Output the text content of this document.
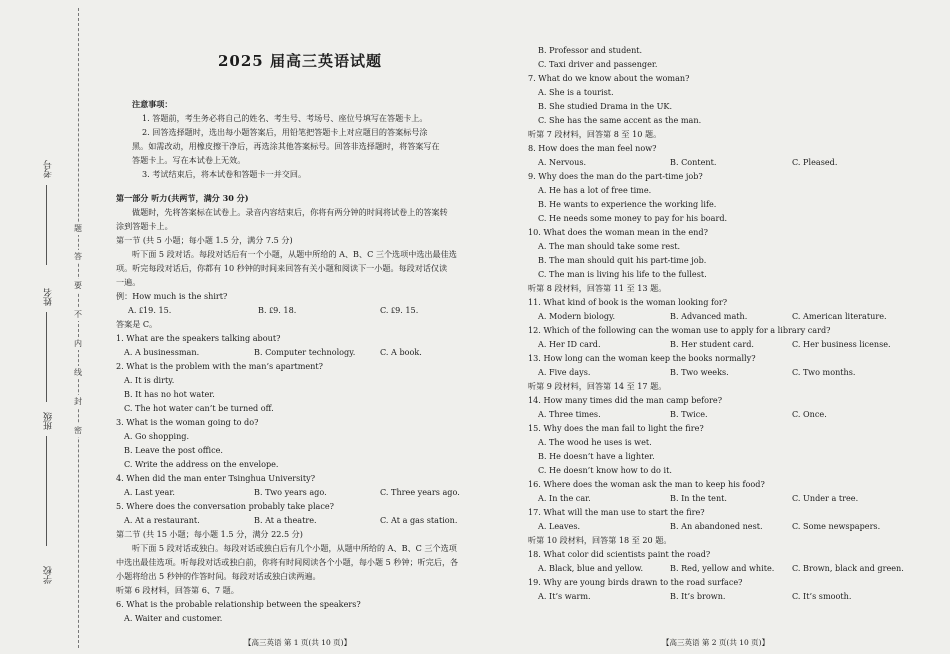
考号
姓名
班级
学校
题
答
要
不
内
线
封
密
2025 届高三英语试题
注意事项：
1. 答题前，考生务必将自己的姓名、考生号、考场号、座位号填写在答题卡上。
2. 回答选择题时，选出每小题答案后，用铅笔把答题卡上对应题目的答案标号涂
黑。如需改动，用橡皮擦干净后，再选涂其他答案标号。回答非选择题时，将答案写在
答题卡上。写在本试卷上无效。
3. 考试结束后，将本试卷和答题卡一并交回。
第一部分 听力(共两节，满分 30 分)
做题时，先将答案标在试卷上。录音内容结束后，你将有两分钟的时间将试卷上的答案转
涂到答题卡上。
第一节 (共 5 小题；每小题 1.5 分，满分 7.5 分)
听下面 5 段对话。每段对话后有一个小题，从题中所给的 A、B、C 三个选项中选出最佳选
项。听完每段对话后，你都有 10 秒钟的时间来回答有关小题和阅读下一小题。每段对话仅读
一遍。
例：How much is the shirt?
A. ₤19. 15.	B. ₤9. 18.	C. ₤9. 15.
答案是 C。
1. What are the speakers talking about?
A. A businessman.	B. Computer technology.	C. A book.
2. What is the problem with the man’s apartment?
A. It is dirty.
B. It has no hot water.
C. The hot water can’t be turned off.
3. What is the woman going to do?
A. Go shopping.
B. Leave the post office.
C. Write the address on the envelope.
4. When did the man enter Tsinghua University?
A. Last year.	B. Two years ago.	C. Three years ago.
5. Where does the conversation probably take place?
A. At a restaurant.	B. At a theatre.	C. At a gas station.
第二节 (共 15 小题；每小题 1.5 分，满分 22.5 分)
听下面 5 段对话或独白。每段对话或独白后有几个小题，从题中所给的 A、B、C 三个选项
中选出最佳选项。听每段对话或独白前，你将有时间阅读各个小题，每小题 5 秒钟；听完后，各
小题将给出 5 秒钟的作答时间。每段对话或独白读两遍。
听第 6 段材料，回答第 6、7 题。
6. What is the probable relationship between the speakers?
A. Waiter and customer.
【高三英语 第 1 页(共 10 页)】
B. Professor and student.
C. Taxi driver and passenger.
7. What do we know about the woman?
A. She is a tourist.
B. She studied Drama in the UK.
C. She has the same accent as the man.
听第 7 段材料，回答第 8 至 10 题。
8. How does the man feel now?
A. Nervous.	B. Content.	C. Pleased.
9. Why does the man do the part-time job?
A. He has a lot of free time.
B. He wants to experience the working life.
C. He needs some money to pay for his board.
10. What does the woman mean in the end?
A. The man should take some rest.
B. The man should quit his part-time job.
C. The man is living his life to the fullest.
听第 8 段材料，回答第 11 至 13 题。
11. What kind of book is the woman looking for?
A. Modern biology.	B. Advanced math.	C. American literature.
12. Which of the following can the woman use to apply for a library card?
A. Her ID card.	B. Her student card.	C. Her business license.
13. How long can the woman keep the books normally?
A. Five days.	B. Two weeks.	C. Two months.
听第 9 段材料，回答第 14 至 17 题。
14. How many times did the man camp before?
A. Three times.	B. Twice.	C. Once.
15. Why does the man fail to light the fire?
A. The wood he uses is wet.
B. He doesn’t have a lighter.
C. He doesn’t know how to do it.
16. Where does the woman ask the man to keep his food?
A. In the car.	B. In the tent.	C. Under a tree.
17. What will the man use to start the fire?
A. Leaves.	B. An abandoned nest.	C. Some newspapers.
听第 10 段材料，回答第 18 至 20 题。
18. What color did scientists paint the road?
A. Black, blue and yellow.	B. Red, yellow and white. C. Brown, black and green.
19. Why are young birds drawn to the road surface?
A. It’s warm.	B. It’s brown.	C. It’s smooth.
【高三英语 第 2 页(共 10 页)】
